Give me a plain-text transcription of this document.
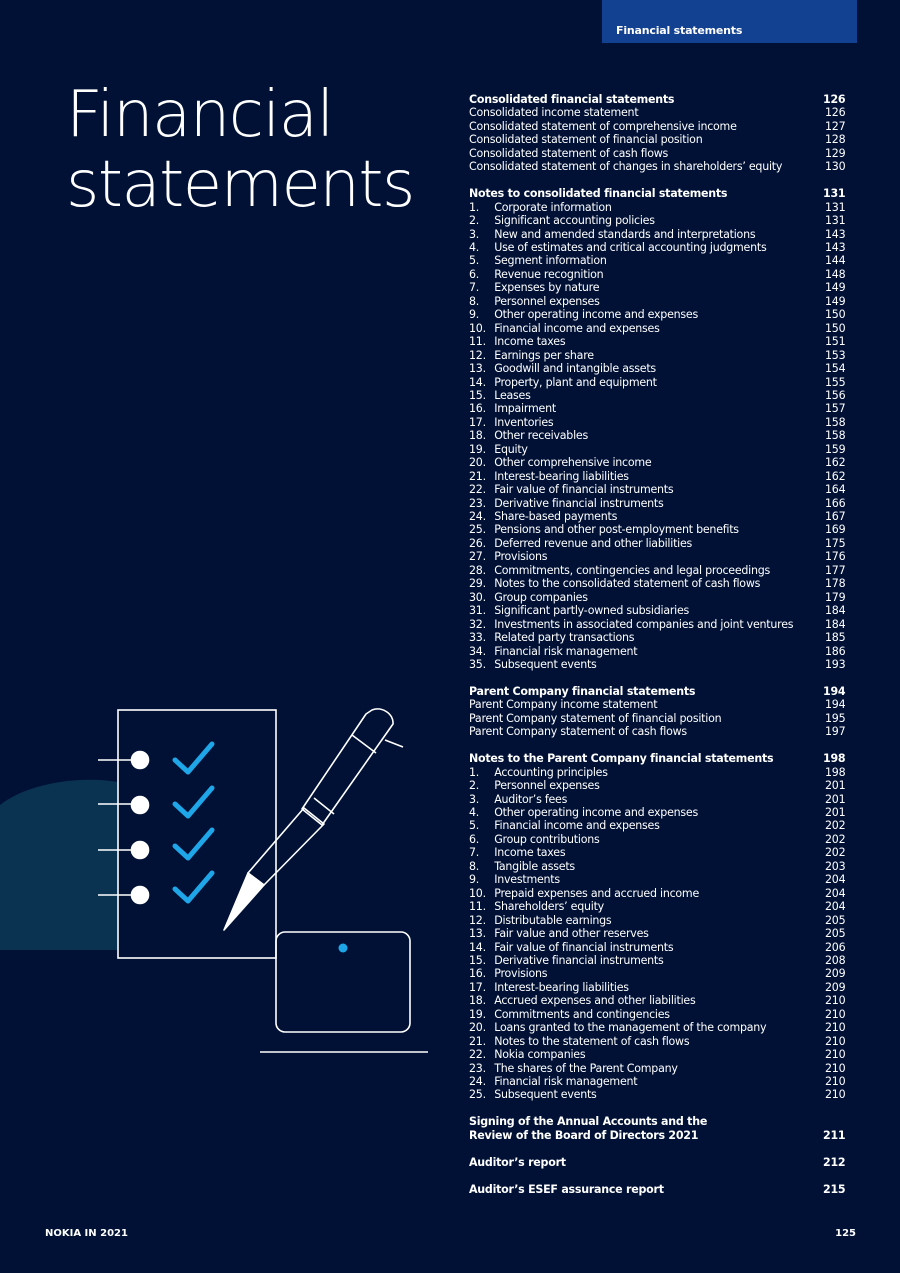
Financial statements
Financial
statements
Consolidated financial statements	126
Consolidated income statement	126
Consolidated statement of comprehensive income	127
Consolidated statement of financial position	128
Consolidated statement of cash flows	129
Consolidated statement of changes in shareholders’ equity	130
Notes to consolidated financial statements	131
1.	Corporate information	131
2.	Significant accounting policies	131
3.	New and amended standards and interpretations	143
4.	Use of estimates and critical accounting judgments	143
5.	Segment information	144
6.	Revenue recognition	148
7.	Expenses by nature	149
8.	Personnel expenses	149
9.	Other operating income and expenses	150
10. Financial income and expenses	150
11. Income taxes	151
12. Earnings per share	153
13. Goodwill and intangible assets	154
14. Property, plant and equipment	155
15. Leases	156
16. Impairment	157
17. Inventories	158
18. Other receivables	158
19. Equity	159
20. Other comprehensive income	162
21. Interest-bearing liabilities	162
22. Fair value of financial instruments	164
23. Derivative financial instruments	166
24. Share-based payments	167
25. Pensions and other post-employment benefits	169
26. Deferred revenue and other liabilities	175
27. Provisions	176
28. Commitments, contingencies and legal proceedings	177
29. Notes to the consolidated statement of cash flows	178
30. Group companies	179
31. Significant partly-owned subsidiaries	184
32. Investments in associated companies and joint ventures	184
33. Related party transactions	185
34. Financial risk management	186
35. Subsequent events	193
Parent Company financial statements	194
Parent Company income statement	194
Parent Company statement of financial position	195
Parent Company statement of cash flows	197
Notes to the Parent Company financial statements	198
1.	Accounting principles	198
2.	Personnel expenses	201
3.	Auditor’s fees	201
4.	Other operating income and expenses	201
5.	Financial income and expenses	202
6.	Group contributions	202
7.	Income taxes	202
8.	Tangible assets	203
9.	Investments	204
10. Prepaid expenses and accrued income	204
11. Shareholders’ equity	204
12. Distributable earnings	205
13. Fair value and other reserves	205
14. Fair value of financial instruments	206
15. Derivative financial instruments	208
16. Provisions	209
17. Interest-bearing liabilities	209
18. Accrued expenses and other liabilities	210
19. Commitments and contingencies	210
20. Loans granted to the management of the company	210
21. Notes to the statement of cash flows	210
22. Nokia companies	210
23. The shares of the Parent Company	210
24. Financial risk management	210
25. Subsequent events	210
Signing of the Annual Accounts and the
Review of the Board of Directors 2021	211
Auditor’s report	212
Auditor’s ESEF assurance report	215
NOKIA IN 2021	125
